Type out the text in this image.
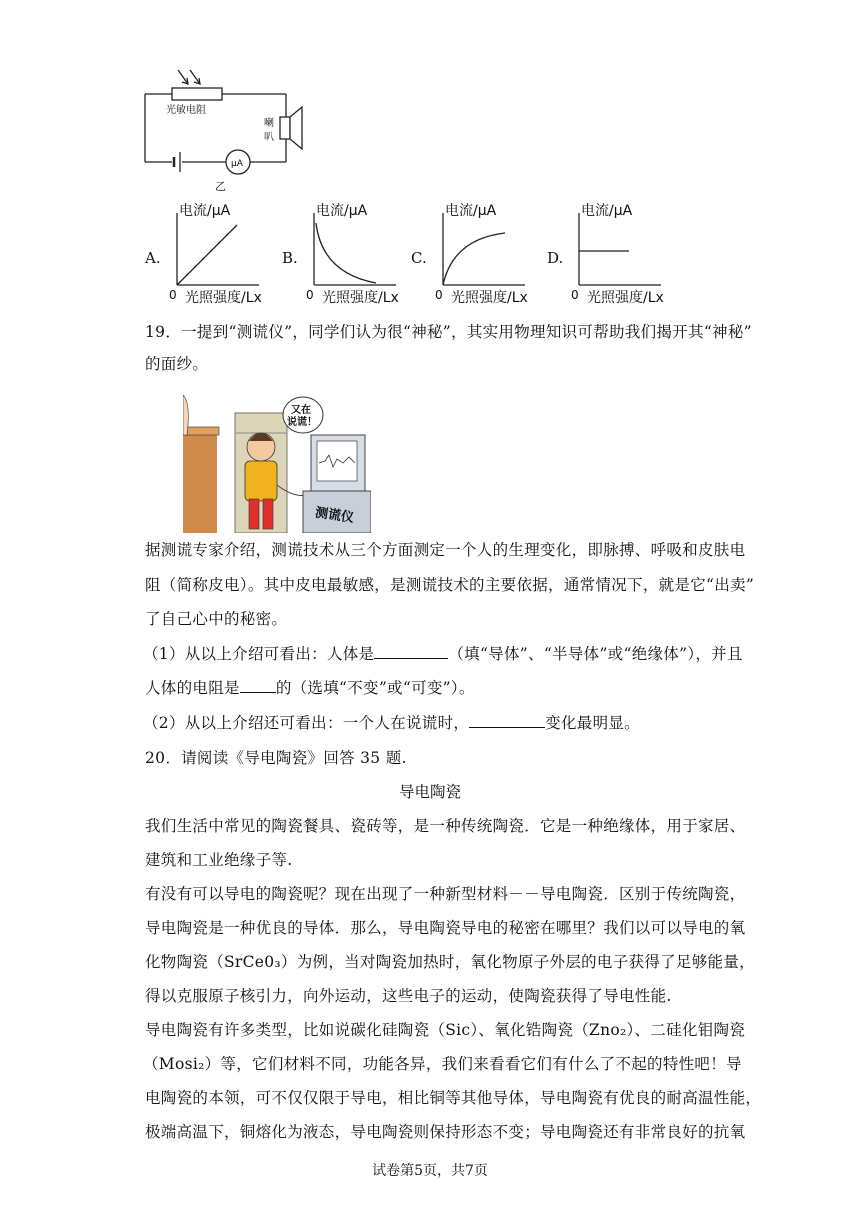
光敏电阻
喇
叭
μA
乙
A.
电流/μA
光照强度/Lx
0
B.
电流/μA
光照强度/Lx
0
C.
电流/μA
光照强度/Lx
0
D.
电流/μA
光照强度/Lx
0
19．一提到“测谎仪”，同学们认为很“神秘”，其实用物理知识可帮助我们揭开其“神秘”
的面纱。
又在
说谎！
测谎仪
据测谎专家介绍，测谎技术从三个方面测定一个人的生理变化，即脉搏、呼吸和皮肤电
阻（简称皮电）。其中皮电最敏感，是测谎技术的主要依据，通常情况下，就是它“出卖”
了自己心中的秘密。
（1）从以上介绍可看出：人体是	（填“导体”、“半导体”或“绝缘体”），并且
人体的电阻是 的（选填“不变”或“可变”）。
（2）从以上介绍还可看出：一个人在说谎时，	变化最明显。
20．请阅读《导电陶瓷》回答 35 题.
导电陶瓷
我们生活中常见的陶瓷餐具、瓷砖等，是一种传统陶瓷．它是一种绝缘体，用于家居、
建筑和工业绝缘子等.
有没有可以导电的陶瓷呢？现在出现了一种新型材料－－导电陶瓷．区别于传统陶瓷，
导电陶瓷是一种优良的导体．那么，导电陶瓷导电的秘密在哪里？我们以可以导电的氧
化物陶瓷（SrCe0₃）为例，当对陶瓷加热时，氧化物原子外层的电子获得了足够能量，
得以克服原子核引力，向外运动，这些电子的运动，使陶瓷获得了导电性能.
导电陶瓷有许多类型，比如说碳化硅陶瓷（Sic）、氧化锆陶瓷（Zno₂）、二硅化钼陶瓷
（Mosi₂）等，它们材料不同，功能各异，我们来看看它们有什么了不起的特性吧！导
电陶瓷的本领，可不仅仅限于导电，相比铜等其他导体，导电陶瓷有优良的耐高温性能，
极端高温下，铜熔化为液态，导电陶瓷则保持形态不变；导电陶瓷还有非常良好的抗氧
试卷第5页，共7页
